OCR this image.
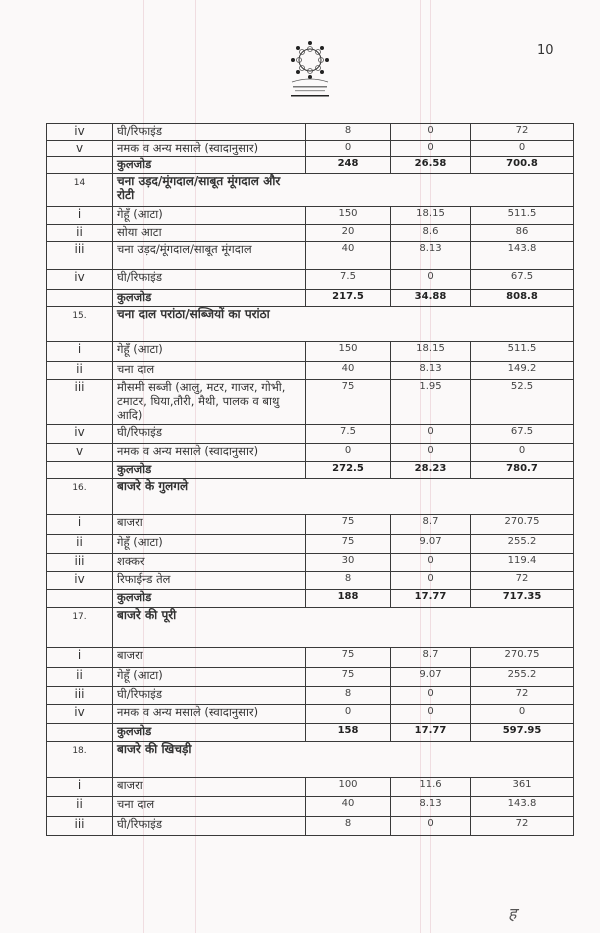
10
iv	घी/रिफाइंड	8	0	72
v	नमक व अन्य मसाले (स्वादानुसार)	0	0	0
	कुलजोड	248	26.58	700.8
14	चना उड़द/मूंगदाल/साबूत मूंगदाल और रोटी			
i	गेहूँ (आटा)	150	18.15	511.5
ii	सोया आटा	20	8.6	86
iii	चना उड़द/मूंगदाल/साबूत मूंगदाल	40	8.13	143.8
iv	घी/रिफाइंड	7.5	0	67.5
	कुलजोड	217.5	34.88	808.8
15.	चना दाल परांठा/सब्जियों का परांठा			
i	गेहूँ (आटा)	150	18.15	511.5
ii	चना दाल	40	8.13	149.2
iii	मौसमी सब्जी (आलु, मटर, गाजर, गोभी, टमाटर, घिया,तौरी, मैथी, पालक व बाथु आदि)	75	1.95	52.5
iv	घी/रिफाइंड	7.5	0	67.5
v	नमक व अन्य मसाले (स्वादानुसार)	0	0	0
	कुलजोड	272.5	28.23	780.7
16.	बाजरे के गुलगले			
i	बाजरा	75	8.7	270.75
ii	गेहूँ (आटा)	75	9.07	255.2
iii	शक्कर	30	0	119.4
iv	रिफाईन्ड तेल	8	0	72
	कुलजोड	188	17.77	717.35
17.	बाजरे की पूरी			
i	बाजरा	75	8.7	270.75
ii	गेहूँ (आटा)	75	9.07	255.2
iii	घी/रिफाइंड	8	0	72
iv	नमक व अन्य मसाले (स्वादानुसार)	0	0	0
	कुलजोड	158	17.77	597.95
18.	बाजरे की खिचड़ी			
i	बाजरा	100	11.6	361
ii	चना दाल	40	8.13	143.8
iii	घी/रिफाइंड	8	0	72
ह
